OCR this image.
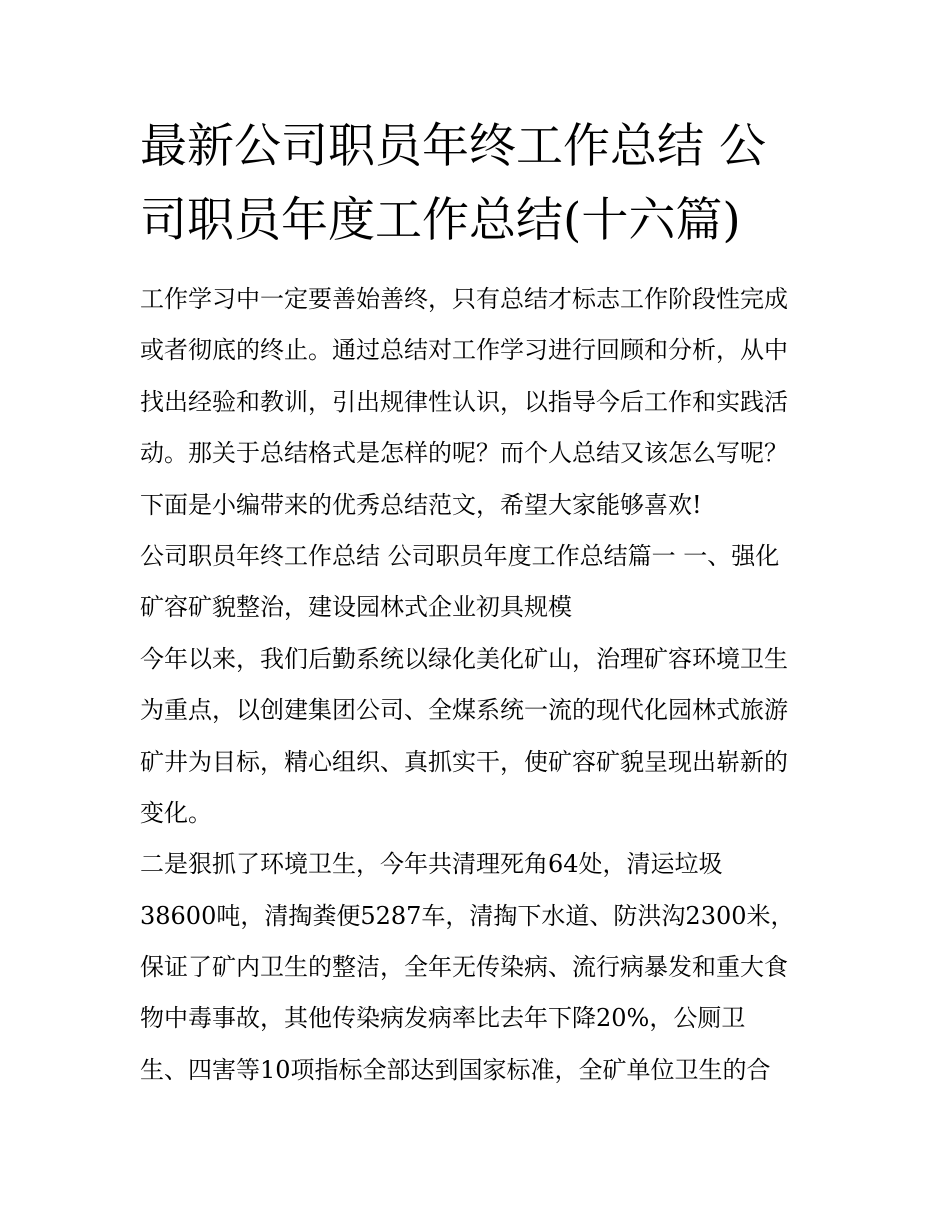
最新公司职员年终工作总结 公
司职员年度工作总结(十六篇)

工作学习中一定要善始善终，只有总结才标志工作阶段性完成

或者彻底的终止。通过总结对工作学习进行回顾和分析，从中

找出经验和教训，引出规律性认识，以指导今后工作和实践活

动。那关于总结格式是怎样的呢？而个人总结又该怎么写呢？

下面是小编带来的优秀总结范文，希望大家能够喜欢!

公司职员年终工作总结 公司职员年度工作总结篇一 一、强化

矿容矿貌整治，建设园林式企业初具规模

今年以来，我们后勤系统以绿化美化矿山，治理矿容环境卫生

为重点，以创建集团公司、全煤系统一流的现代化园林式旅游

矿井为目标，精心组织、真抓实干，使矿容矿貌呈现出崭新的

变化。

二是狠抓了环境卫生，今年共清理死角64处，清运垃圾

38600吨，清掏粪便5287车，清掏下水道、防洪沟2300米，

保证了矿内卫生的整洁，全年无传染病、流行病暴发和重大食

物中毒事故，其他传染病发病率比去年下降20%，公厕卫

生、四害等10项指标全部达到国家标准，全矿单位卫生的合
